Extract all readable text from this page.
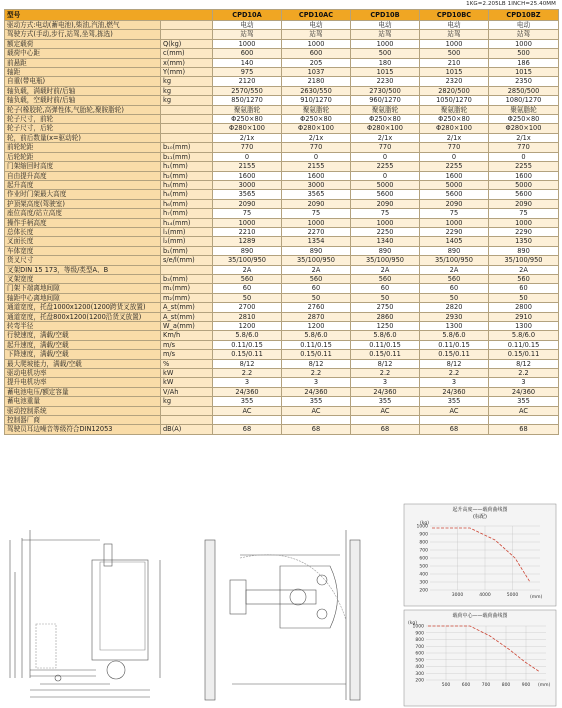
1KG=2.205LB 1INCH=25.40MM
型号		CPD10A	CPD10AC	CPD10B	CPD10BC	CPD10BZ
驱动方式:电动(蓄电池),柴油,汽油,燃气		电动	电动	电动	电动	电动
驾驶方式(手动,步行,站驾,坐驾,拣选)		站驾	站驾	站驾	站驾	站驾
额定载荷	Q(kg)	1000	1000	1000	1000	1000
载荷中心距	c(mm)	600	600	500	500	500
前悬距	x(mm)	140	205	180	210	186
轴距	Y(mm)	975	1037	1015	1015	1015
自重(带电瓶)	kg	2120	2180	2230	2320	2350
轴负载，满载时前/后轴	kg	2570/550	2630/550	2730/500	2820/500	2850/500
轴负载，空载时前/后轴	kg	850/1270	910/1270	960/1270	1050/1270	1080/1270
轮子(橡胶轮,高弹性体,气胎轮,聚胺脂轮)		聚氨脂轮	聚氨脂轮	聚氨脂轮	聚氨脂轮	聚氨脂轮
轮子尺寸，前轮		Φ250×80	Φ250×80	Φ250×80	Φ250×80	Φ250×80
轮子尺寸，后轮		Φ280×100	Φ280×100	Φ280×100	Φ280×100	Φ280×100
轮，前后数量(x=驱动轮)		2/1x	2/1x	2/1x	2/1x	2/1x
前轮轮距	b₁₀(mm)	770	770	770	770	770
后轮轮距	b₁₁(mm)	0	0	0	0	0
门架缩回时高度	h₁(mm)	2155	2155	2255	2255	2255
自由提升高度	h₂(mm)	1600	1600	0	1600	1600
起升高度	h₃(mm)	3000	3000	5000	5000	5000
作业时门架最大高度	h₄(mm)	3565	3565	5600	5600	5600
护顶架高度(驾驶室)	h₆(mm)	2090	2090	2090	2090	2090
座位高度/站立高度	h₇(mm)	75	75	75	75	75
操作手柄高度	h₁₄(mm)	1000	1000	1000	1000	1000
总体长度	l₁(mm)	2210	2270	2250	2290	2290
叉面长度	l₂(mm)	1289	1354	1340	1405	1350
车体宽度	b₁(mm)	890	890	890	890	890
货叉尺寸	s/e/l(mm)	35/100/950	35/100/950	35/100/950	35/100/950	35/100/950
叉架DIN 15 173，等级/类型A、B		2A	2A	2A	2A	2A
叉架宽度	b₃(mm)	560	560	560	560	560
门架下端离地间隙	m₁(mm)	60	60	60	60	60
轴距中心离地间隙	m₂(mm)	50	50	50	50	50
通道宽度，托盘1000x1200(1200跨货叉放置)	A_st(mm)	2700	2760	2750	2820	2800
通道宽度，托盘800x1200(1200沿货叉放置)	A_st(mm)	2810	2870	2860	2930	2910
转弯半径	W_a(mm)	1200	1200	1250	1300	1300
行驶速度，满载/空载	Km/h	5.8/6.0	5.8/6.0	5.8/6.0	5.8/6.0	5.8/6.0
起升速度，满载/空载	m/s	0.11/0.15	0.11/0.15	0.11/0.15	0.11/0.15	0.11/0.15
下降速度，满载/空载	m/s	0.15/0.11	0.15/0.11	0.15/0.11	0.15/0.11	0.15/0.11
最大爬坡能力，满载/空载	%	8/12	8/12	8/12	8/12	8/12
驱动电机功率	kW	2.2	2.2	2.2	2.2	2.2
提升电机功率	kW	3	3	3	3	3
蓄电池电压/额定容量	V/Ah	24/360	24/360	24/360	24/360	24/360
蓄电池重量	kg	355	355	355	355	355
驱动控制系统		AC	AC	AC	AC	AC
控制器厂商						
驾驶员耳边噪音等级符合DIN12053	dB(A)	68	68	68	68	68
起升高度——载荷曲线图
(标配)
(kg)
(mm)
1000
900
800
700
600
500
400
300
200
3000	4000	5000
载荷中心——载荷曲线图
(kg)
(mm)
1000
900
800
700
600
500
400
300
200
500	600	700	800	900
